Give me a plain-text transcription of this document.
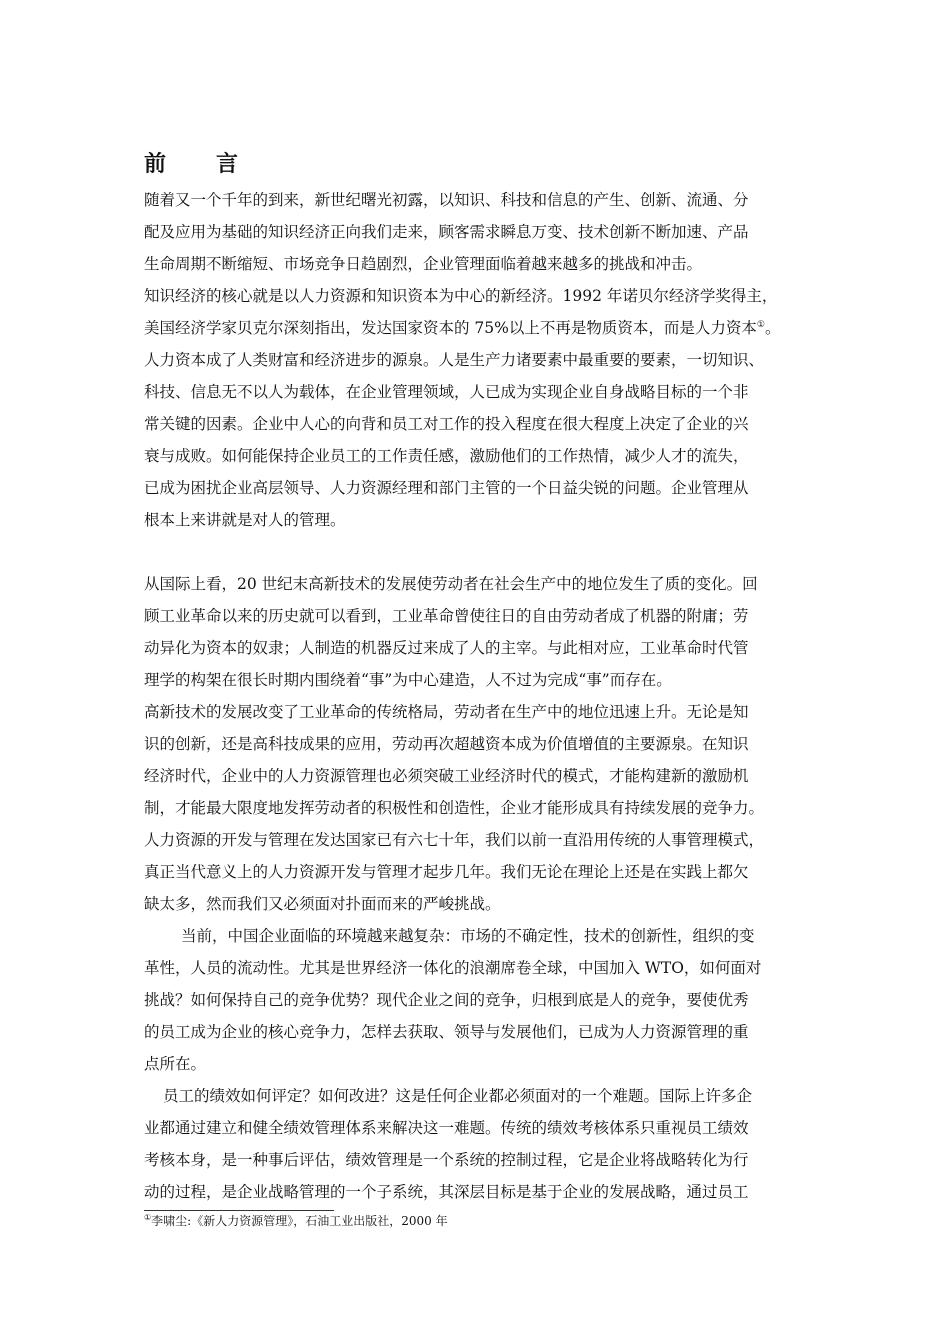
前　言
随着又一个千年的到来，新世纪曙光初露，以知识、科技和信息的产生、创新、流通、分
配及应用为基础的知识经济正向我们走来，顾客需求瞬息万变、技术创新不断加速、产品
生命周期不断缩短、市场竞争日趋剧烈，企业管理面临着越来越多的挑战和冲击。
知识经济的核心就是以人力资源和知识资本为中心的新经济。1992 年诺贝尔经济学奖得主，
美国经济学家贝克尔深刻指出，发达国家资本的 75%以上不再是物质资本，而是人力资本①。
人力资本成了人类财富和经济进步的源泉。人是生产力诸要素中最重要的要素，一切知识、
科技、信息无不以人为载体，在企业管理领域，人已成为实现企业自身战略目标的一个非
常关键的因素。企业中人心的向背和员工对工作的投入程度在很大程度上决定了企业的兴
衰与成败。如何能保持企业员工的工作责任感，激励他们的工作热情，减少人才的流失，
已成为困扰企业高层领导、人力资源经理和部门主管的一个日益尖锐的问题。企业管理从
根本上来讲就是对人的管理。
从国际上看，20 世纪末高新技术的发展使劳动者在社会生产中的地位发生了质的变化。回
顾工业革命以来的历史就可以看到，工业革命曾使往日的自由劳动者成了机器的附庸；劳
动异化为资本的奴隶；人制造的机器反过来成了人的主宰。与此相对应，工业革命时代管
理学的构架在很长时期内围绕着“事”为中心建造，人不过为完成“事”而存在。
高新技术的发展改变了工业革命的传统格局，劳动者在生产中的地位迅速上升。无论是知
识的创新，还是高科技成果的应用，劳动再次超越资本成为价值增值的主要源泉。在知识
经济时代，企业中的人力资源管理也必须突破工业经济时代的模式，才能构建新的激励机
制，才能最大限度地发挥劳动者的积极性和创造性，企业才能形成具有持续发展的竞争力。
人力资源的开发与管理在发达国家已有六七十年，我们以前一直沿用传统的人事管理模式，
真正当代意义上的人力资源开发与管理才起步几年。我们无论在理论上还是在实践上都欠
缺太多，然而我们又必须面对扑面而来的严峻挑战。
当前，中国企业面临的环境越来越复杂：市场的不确定性，技术的创新性，组织的变
革性，人员的流动性。尤其是世界经济一体化的浪潮席卷全球，中国加入 WTO，如何面对
挑战？如何保持自己的竞争优势？现代企业之间的竞争，归根到底是人的竞争，要使优秀
的员工成为企业的核心竞争力，怎样去获取、领导与发展他们，已成为人力资源管理的重
点所在。
员工的绩效如何评定？如何改进？这是任何企业都必须面对的一个难题。国际上许多企
业都通过建立和健全绩效管理体系来解决这一难题。传统的绩效考核体系只重视员工绩效
考核本身，是一种事后评估，绩效管理是一个系统的控制过程，它是企业将战略转化为行
动的过程，是企业战略管理的一个子系统，其深层目标是基于企业的发展战略，通过员工
①李啸尘:《新人力资源管理》，石油工业出版社，2000 年
